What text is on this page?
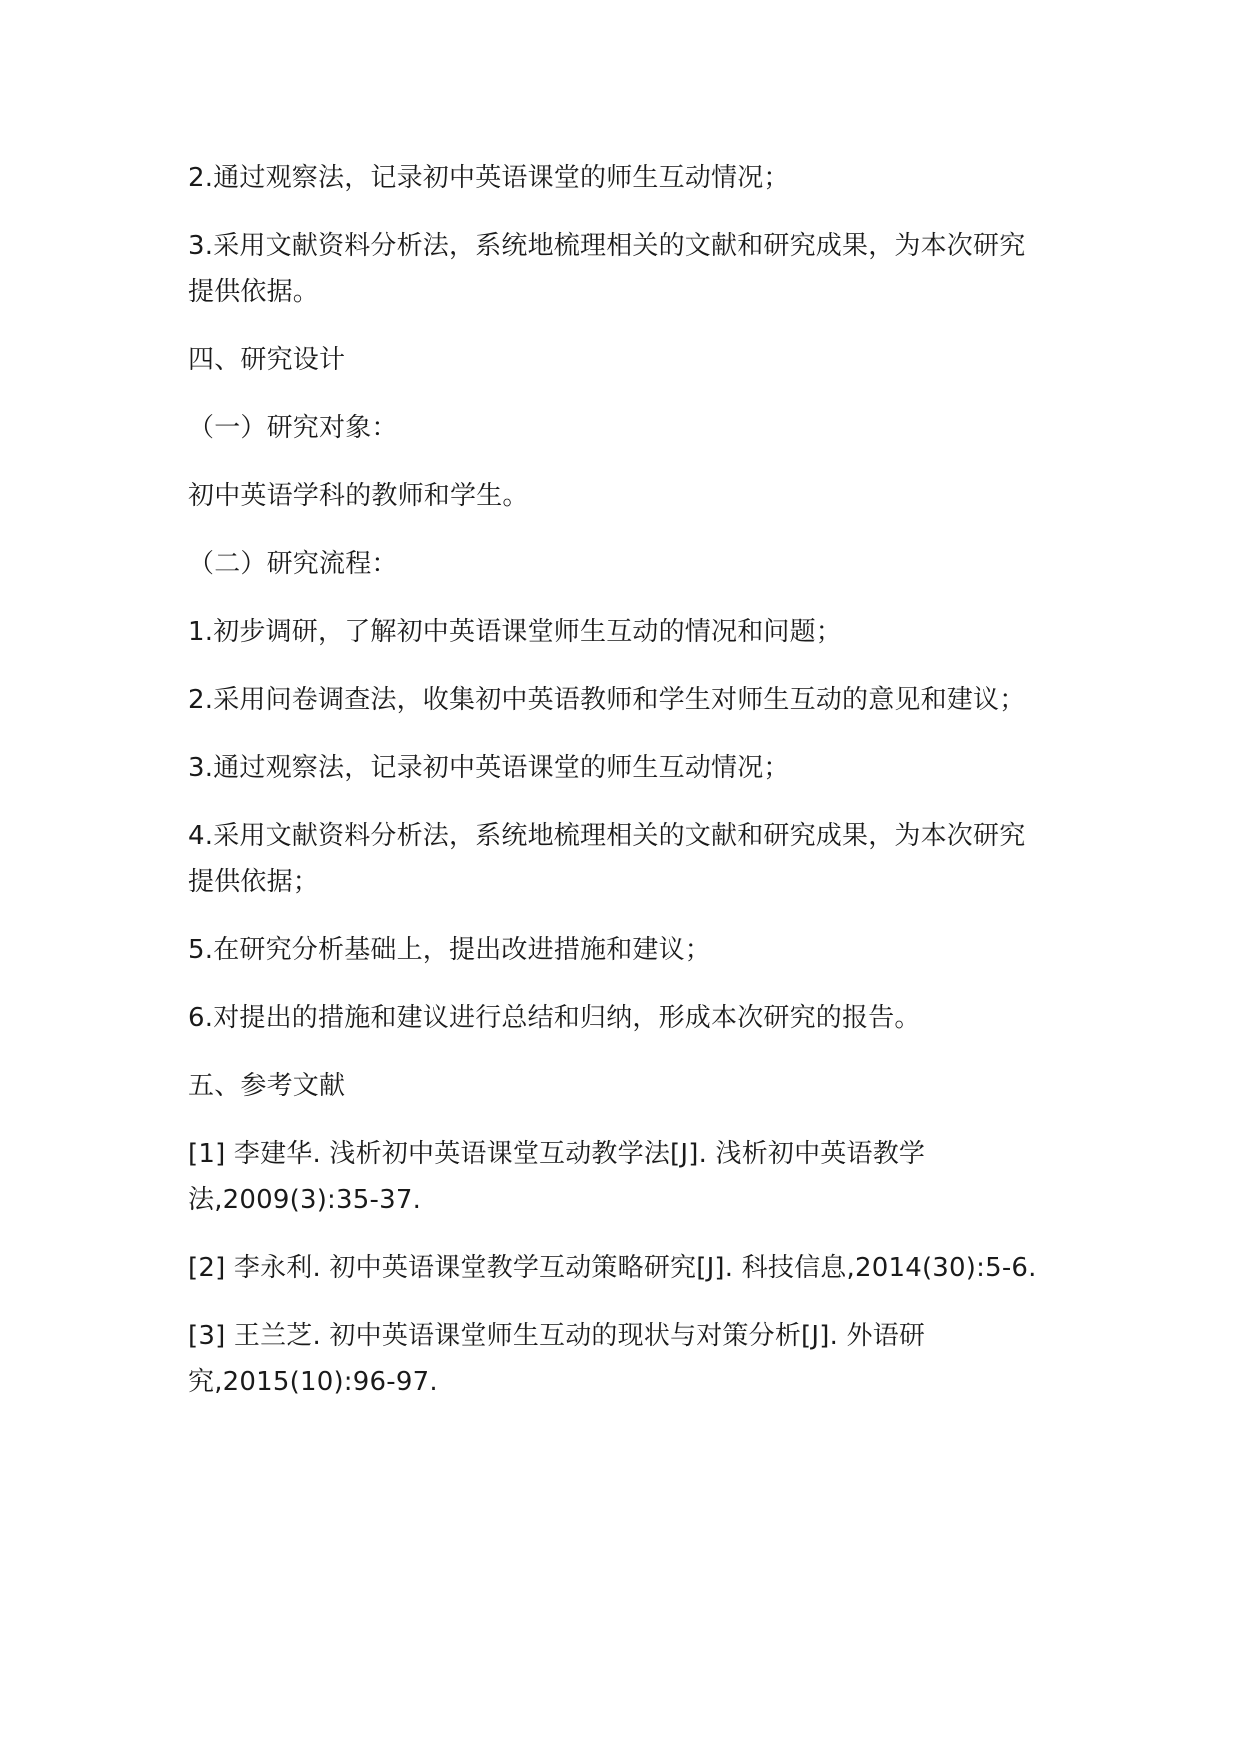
2.通过观察法，记录初中英语课堂的师生互动情况；

3.采用文献资料分析法，系统地梳理相关的文献和研究成果，为本次研究
提供依据。

四、研究设计

（一）研究对象：

初中英语学科的教师和学生。

（二）研究流程：

1.初步调研，了解初中英语课堂师生互动的情况和问题；

2.采用问卷调查法，收集初中英语教师和学生对师生互动的意见和建议；

3.通过观察法，记录初中英语课堂的师生互动情况；

4.采用文献资料分析法，系统地梳理相关的文献和研究成果，为本次研究
提供依据；

5.在研究分析基础上，提出改进措施和建议；

6.对提出的措施和建议进行总结和归纳，形成本次研究的报告。

五、参考文献

[1] 李建华. 浅析初中英语课堂互动教学法[J]. 浅析初中英语教学
法,2009(3):35-37.

[2] 李永利. 初中英语课堂教学互动策略研究[J]. 科技信息,2014(30):5-6.

[3] 王兰芝. 初中英语课堂师生互动的现状与对策分析[J]. 外语研
究,2015(10):96-97.
